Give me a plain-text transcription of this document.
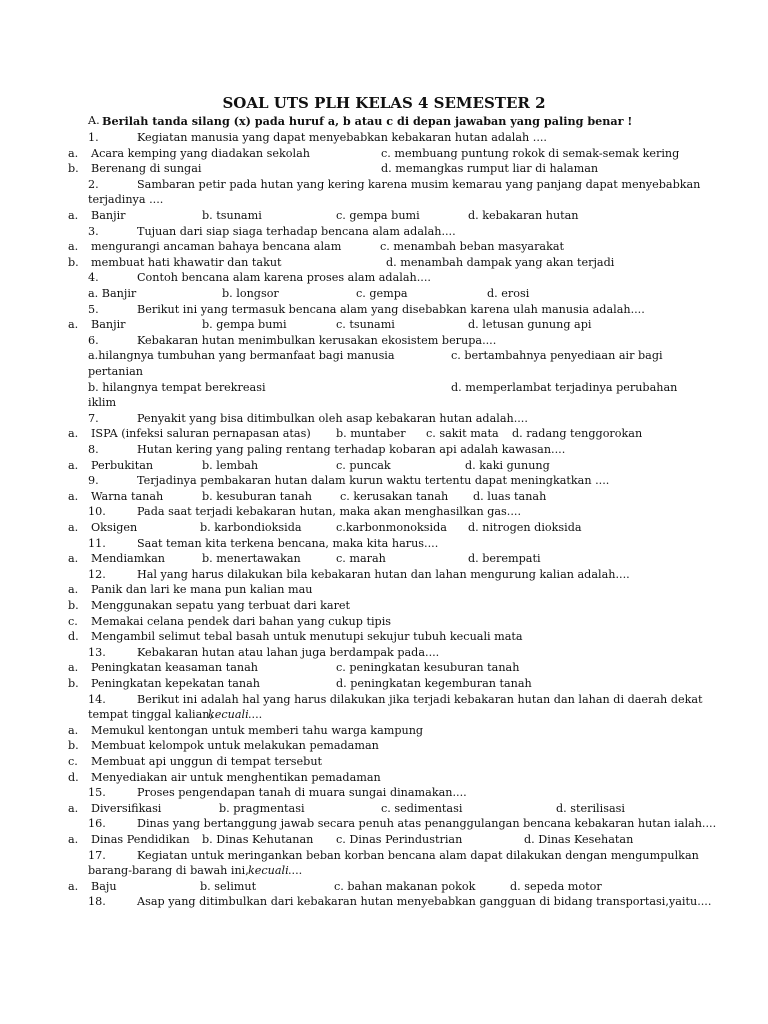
SOAL UTS PLH KELAS 4 SEMESTER 2
A. Berilah tanda silang (x) pada huruf a, b atau c di depan jawaban yang paling benar !
1.	Kegiatan manusia yang dapat menyebabkan kebakaran hutan adalah ....
a. Acara kemping yang diadakan sekolah	c. membuang puntung rokok di semak-semak kering
b. Berenang di sungai	d. memangkas rumput liar di halaman
2.	Sambaran petir pada hutan yang kering karena musim kemarau yang panjang dapat menyebabkan
terjadinya ....
a. Banjir	b. tsunami	c. gempa bumi	d. kebakaran hutan
3.	Tujuan dari siap siaga terhadap bencana alam adalah....
a. mengurangi ancaman bahaya bencana alam	c. menambah beban masyarakat
b. membuat hati khawatir dan takut	d. menambah dampak yang akan terjadi
4.	Contoh bencana alam karena proses alam adalah....
a. Banjir	b. longsor	c. gempa	d. erosi
5.	Berikut ini yang termasuk bencana alam yang disebabkan karena ulah manusia adalah....
a. Banjir	b. gempa bumi	c. tsunami	d. letusan gunung api
6.	Kebakaran hutan menimbulkan kerusakan ekosistem berupa....
a.hilangnya tumbuhan yang bermanfaat bagi manusia	c. bertambahnya penyediaan air bagi
pertanian
b. hilangnya tempat berekreasi	d. memperlambat terjadinya perubahan
iklim
7.	Penyakit yang bisa ditimbulkan oleh asap kebakaran hutan adalah....
a. ISPA (infeksi saluran pernapasan atas) b. muntaber c. sakit mata d. radang tenggorokan
8.	Hutan kering yang paling rentang terhadap kobaran api adalah kawasan....
a. Perbukitan	b. lembah	c. puncak	d. kaki gunung
9.	Terjadinya pembakaran hutan dalam kurun waktu tertentu dapat meningkatkan ....
a. Warna tanah	b. kesuburan tanah c. kerusakan tanah d. luas tanah
10.	Pada saat terjadi kebakaran hutan, maka akan menghasilkan gas....
a. Oksigen	b. karbondioksida	c.karbonmonoksida d. nitrogen dioksida
11.	Saat teman kita terkena bencana, maka kita harus....
a. Mendiamkan	b. menertawakan	c. marah	d. berempati
12.	Hal yang harus dilakukan bila kebakaran hutan dan lahan mengurung kalian adalah....
a. Panik dan lari ke mana pun kalian mau
b. Menggunakan sepatu yang terbuat dari karet
c. Memakai celana pendek dari bahan yang cukup tipis
d. Mengambil selimut tebal basah untuk menutupi sekujur tubuh kecuali mata
13.	Kebakaran hutan atau lahan juga berdampak pada....
a. Peningkatan keasaman tanah	c. peningkatan kesuburan tanah
b. Peningkatan kepekatan tanah	d. peningkatan kegemburan tanah
14.	Berikut ini adalah hal yang harus dilakukan jika terjadi kebakaran hutan dan lahan di daerah dekat
tempat tinggal kalian,
kecuali ....
a. Memukul kentongan untuk memberi tahu warga kampung
b. Membuat kelompok untuk melakukan pemadaman
c. Membuat api unggun di tempat tersebut
d. Menyediakan air untuk menghentikan pemadaman
15.	Proses pengendapan tanah di muara sungai dinamakan....
a. Diversifikasi	b. pragmentasi	c. sedimentasi	d. sterilisasi
16.	Dinas yang bertanggung jawab secara penuh atas penanggulangan bencana kebakaran hutan ialah....
a. Dinas Pendidikan b. Dinas Kehutanan c. Dinas Perindustrian	d. Dinas Kesehatan
17.	Kegiatan untuk meringankan beban korban bencana alam dapat dilakukan dengan mengumpulkan
barang-barang di bawah ini, kecuali ....
a. Baju	b. selimut	c. bahan makanan pokok	d. sepeda motor
18.	Asap yang ditimbulkan dari kebakaran hutan menyebabkan gangguan di bidang transportasi,yaitu....
